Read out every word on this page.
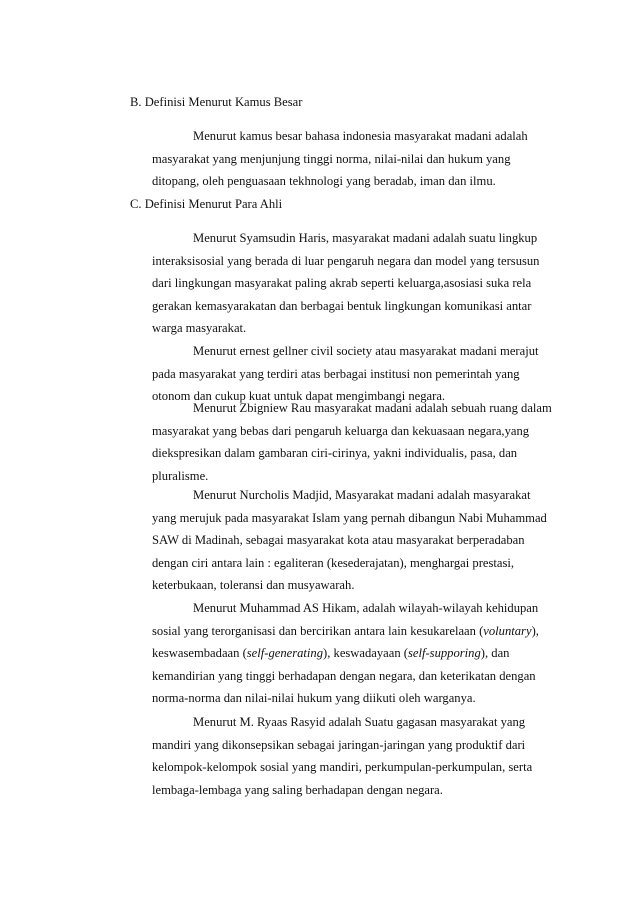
B. Definisi Menurut Kamus Besar
Menurut kamus besar bahasa indonesia masyarakat madani adalah
masyarakat yang menjunjung tinggi norma, nilai-nilai dan hukum yang
ditopang, oleh penguasaan tekhnologi yang beradab, iman dan ilmu.
C. Definisi Menurut Para Ahli
Menurut Syamsudin Haris, masyarakat madani adalah suatu lingkup
interaksisosial yang berada di luar pengaruh negara dan model yang tersusun
dari lingkungan masyarakat paling akrab seperti keluarga,asosiasi suka rela
gerakan kemasyarakatan dan berbagai bentuk lingkungan komunikasi antar
warga masyarakat.
Menurut ernest gellner civil society atau masyarakat madani merajut
pada masyarakat yang terdiri atas berbagai institusi non pemerintah yang
otonom dan cukup kuat untuk dapat mengimbangi negara.
Menurut Zbigniew Rau masyarakat madani adalah sebuah ruang dalam
masyarakat yang bebas dari pengaruh keluarga dan kekuasaan negara,yang
diekspresikan dalam gambaran ciri-cirinya, yakni individualis, pasa, dan
pluralisme.
Menurut Nurcholis Madjid, Masyarakat madani adalah masyarakat
yang merujuk pada masyarakat Islam yang pernah dibangun Nabi Muhammad
SAW di Madinah, sebagai masyarakat kota atau masyarakat berperadaban
dengan ciri antara lain : egaliteran (kesederajatan), menghargai prestasi,
keterbukaan, toleransi dan musyawarah.
Menurut Muhammad AS Hikam, adalah wilayah-wilayah kehidupan
sosial yang terorganisasi dan bercirikan antara lain kesukarelaan (voluntary),
keswasembadaan (self-generating), keswadayaan (self-supporing), dan
kemandirian yang tinggi berhadapan dengan negara, dan keterikatan dengan
norma-norma dan nilai-nilai hukum yang diikuti oleh warganya.
Menurut M. Ryaas Rasyid adalah Suatu gagasan masyarakat yang
mandiri yang dikonsepsikan sebagai jaringan-jaringan yang produktif dari
kelompok-kelompok sosial yang mandiri, perkumpulan-perkumpulan, serta
lembaga-lembaga yang saling berhadapan dengan negara.
